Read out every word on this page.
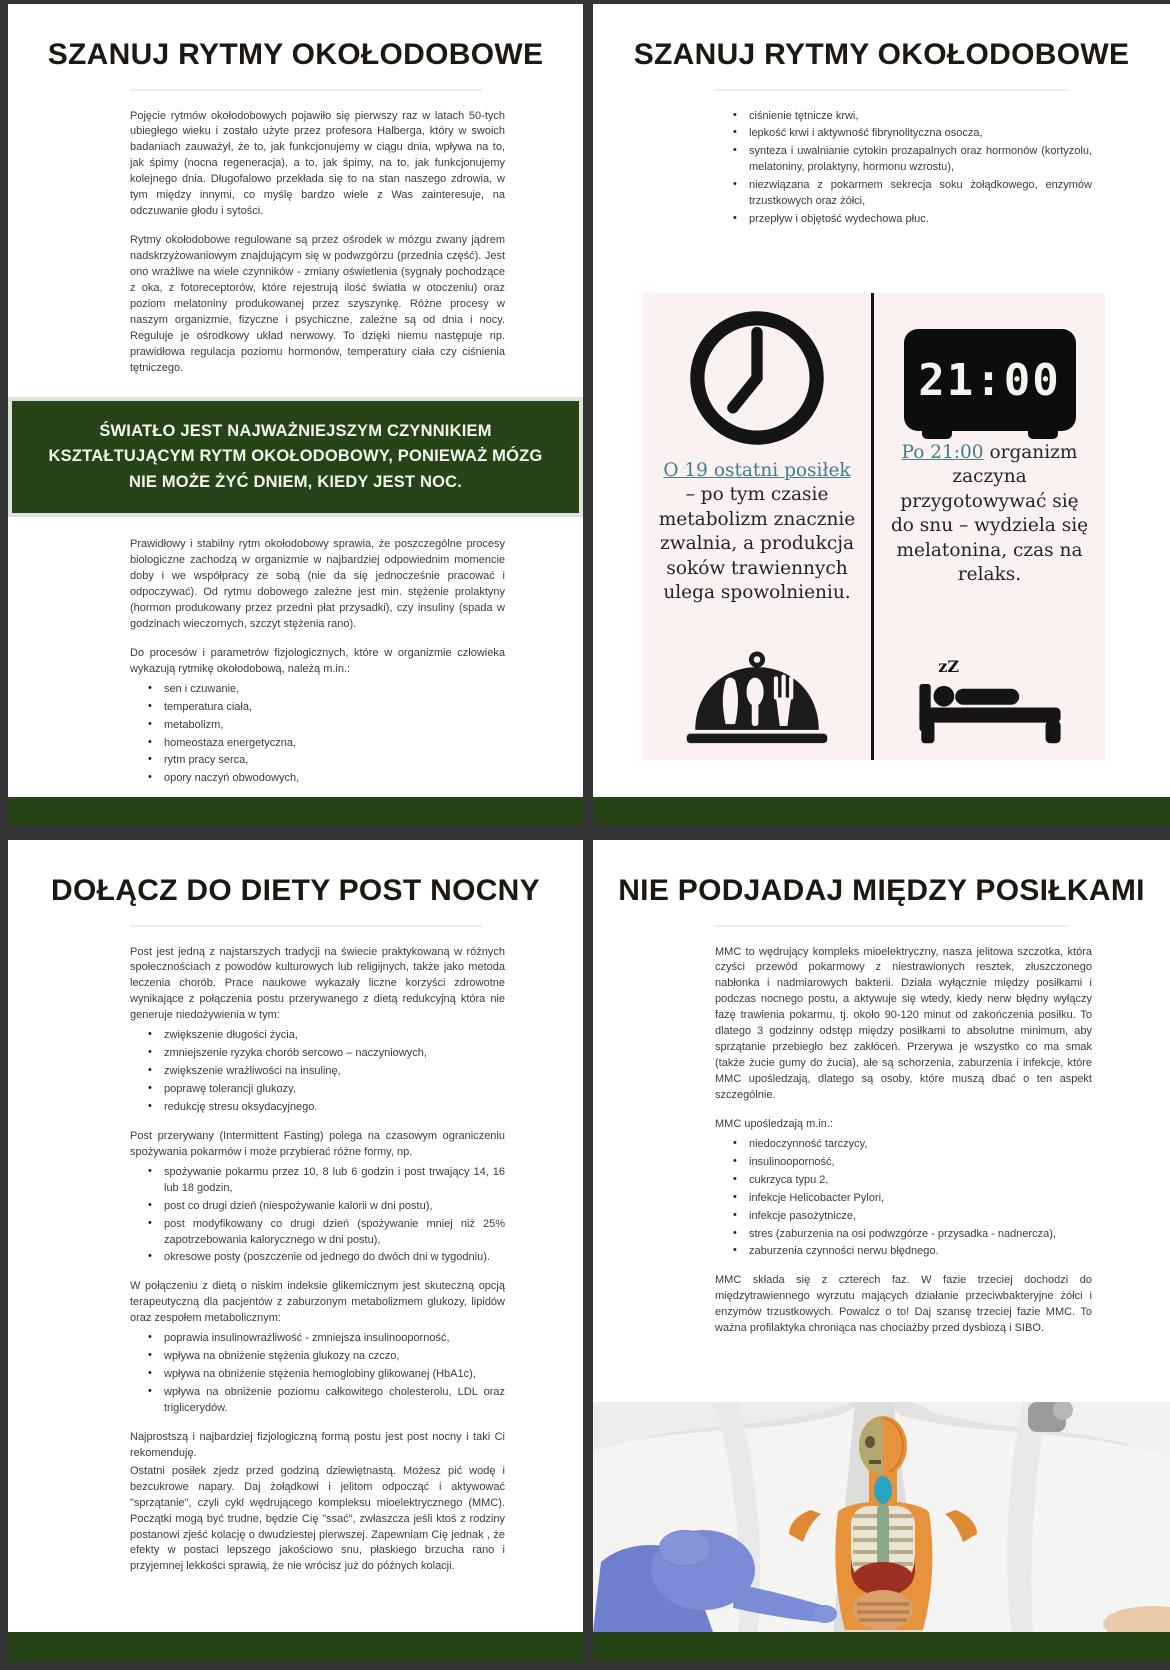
SZANUJ RYTMY OKOŁODOBOWE

Pojęcie rytmów okołodobowych pojawiło się pierwszy raz w latach 50-tych ubiegłego wieku i zostało użyte przez profesora Halberga, który w swoich badaniach zauważył, że to, jak funkcjonujemy w ciągu dnia, wpływa na to, jak śpimy (nocna regeneracja), a to, jak śpimy, na to, jak funkcjonujemy kolejnego dnia. Długofalowo przekłada się to na stan naszego zdrowia, w tym między innymi, co myślę bardzo wiele z Was zainteresuje, na odczuwanie głodu i sytości.

Rytmy okołodobowe regulowane są przez ośrodek w mózgu zwany jądrem nadskrzyżowaniowym znajdującym się w podwzgórzu (przednia część). Jest ono wrażliwe na wiele czynników - zmiany oświetlenia (sygnały pochodzące z oka, z fotoreceptorów, które rejestrują ilość światła w otoczeniu) oraz poziom melatoniny produkowanej przez szyszynkę. Różne procesy w naszym organizmie, fizyczne i psychiczne, zależne są od dnia i nocy. Reguluje je ośrodkowy układ nerwowy. To dzięki niemu następuje np. prawidłowa regulacja poziomu hormonów, temperatury ciała czy ciśnienia tętniczego.

ŚWIATŁO JEST NAJWAŻNIEJSZYM CZYNNIKIEM KSZTAŁTUJĄCYM RYTM OKOŁODOBOWY, PONIEWAŻ MÓZG NIE MOŻE ŻYĆ DNIEM, KIEDY JEST NOC.

Prawidłowy i stabilny rytm okołodobowy sprawia, że poszczególne procesy biologiczne zachodzą w organizmie w najbardziej odpowiednim momencie doby i we współpracy ze sobą (nie da się jednocześnie pracować i odpoczywać). Od rytmu dobowego zależne jest min. stężenie prolaktyny (hormon produkowany przez przedni płat przysadki), czy insuliny (spada w godzinach wieczornych, szczyt stężenia rano).

Do procesów i parametrów fizjologicznych, które w organizmie człowieka wykazują rytmikę okołodobową, należą m.in.:

• sen i czuwanie,
• temperatura ciała,
• metabolizm,
• homeostaza energetyczna,
• rytm pracy serca,
• opory naczyń obwodowych,
SZANUJ RYTMY OKOŁODOBOWE
• ciśnienie tętnicze krwi,
• lepkość krwi i aktywność fibrynolityczna osocza,
• synteza i uwalnianie cytokin prozapalnych oraz hormonów (kortyzolu, melatoniny, prolaktyny, hormonu wzrostu),
• niezwiązana z pokarmem sekrecja soku żołądkowego, enzymów trzustkowych oraz żółci,
• przepływ i objętość wydechowa płuc.

O 19 ostatni posiłek – po tym czasie metabolizm znacznie zwalnia, a produkcja soków trawiennych ulega spowolnieniu.

21:00

Po 21:00 organizm zaczyna przygotowywać się do snu – wydziela się melatonina, czas na relaks.

zZ
DOŁĄCZ DO DIETY POST NOCNY

Post jest jedną z najstarszych tradycji na świecie praktykowaną w różnych społecznościach z powodów kulturowych lub religijnych, także jako metoda leczenia chorób. Prace naukowe wykazały liczne korzyści zdrowotne wynikające z połączenia postu przerywanego z dietą redukcyjną która nie generuje niedożywienia w tym:

• zwiększenie długości życia,
• zmniejszenie ryzyka chorób sercowo – naczyniowych,
• zwiększenie wrażliwości na insulinę,
• poprawę tolerancji glukozy,
• redukcję stresu oksydacyjnego.

Post przerywany (Intermittent Fasting) polega na czasowym ograniczeniu spożywania pokarmów i może przybierać różne formy, np.

• spożywanie pokarmu przez 10, 8 lub 6 godzin i post trwający 14, 16 lub 18 godzin,
• post co drugi dzień (niespożywanie kalorii w dni postu),
• post modyfikowany co drugi dzień (spożywanie mniej niż 25% zapotrzebowania kalorycznego w dni postu),
• okresowe posty (poszczenie od jednego do dwóch dni w tygodniu).

W połączeniu z dietą o niskim indeksie glikemicznym jest skuteczną opcją terapeutyczną dla pacjentów z zaburzonym metabolizmem glukozy, lipidów oraz zespołem metabolicznym:

• poprawia insulinowrażliwość - zmniejsza insulinooporność,
• wpływa na obniżenie stężenia glukozy na czczo,
• wpływa na obniżenie stężenia hemoglobiny glikowanej (HbA1c),
• wpływa na obniżenie poziomu całkowitego cholesterolu, LDL oraz triglicerydów.

Najprostszą i najbardziej fizjologiczną formą postu jest post nocny i taki Ci rekomenduję.

Ostatni posiłek zjedz przed godziną dziewiętnastą. Możesz pić wodę i bezcukrowe napary. Daj żołądkowi i jelitom odpocząć i aktywować "sprzątanie", czyli cykl wędrującego kompleksu mioelektrycznego (MMC). Początki mogą być trudne, będzie Cię "ssać", zwłaszcza jeśli ktoś z rodziny postanowi zjeść kolację o dwudziestej pierwszej. Zapewniam Cię jednak , że efekty w postaci lepszego jakościowo snu, płaskiego brzucha rano i przyjemnej lekkości sprawią, że nie wrócisz już do późnych kolacji.

NIE PODJADAJ MIĘDZY POSIŁKAMI

MMC to wędrujący kompleks mioelektryczny, nasza jelitowa szczotka, która czyści przewód pokarmowy z niestrawionych resztek, złuszczonego nabłonka i nadmiarowych bakterii. Działa wyłącznie między posiłkami i podczas nocnego postu, a aktywuje się wtedy, kiedy nerw błędny wyłączy fazę trawienia pokarmu, tj. około 90-120 minut od zakończenia posiłku. To dlatego 3 godzinny odstęp między posiłkami to absolutne minimum, aby sprzątanie przebiegło bez zakłóceń. Przerywa je wszystko co ma smak (także żucie gumy do żucia), ale są schorzenia, zaburzenia i infekcje, które MMC upośledzają, dlatego są osoby, które muszą dbać o ten aspekt szczególnie.

MMC upośledzają m.in.:

• niedoczynność tarczycy,
• insulinooporność,
• cukrzyca typu 2,
• infekcje Helicobacter Pylori,
• infekcje pasożytnicze,
• stres (zaburzenia na osi podwzgórze - przysadka - nadnercza),
• zaburzenia czynności nerwu błędnego.

MMC składa się z czterech faz. W fazie trzeciej dochodzi do międzytrawiennego wyrzutu mających działanie przeciwbakteryjne żółci i enzymów trzustkowych. Powalcz o to! Daj szansę trzeciej fazie MMC. To ważna profilaktyka chroniąca nas chociażby przed dysbiozą i SIBO.
